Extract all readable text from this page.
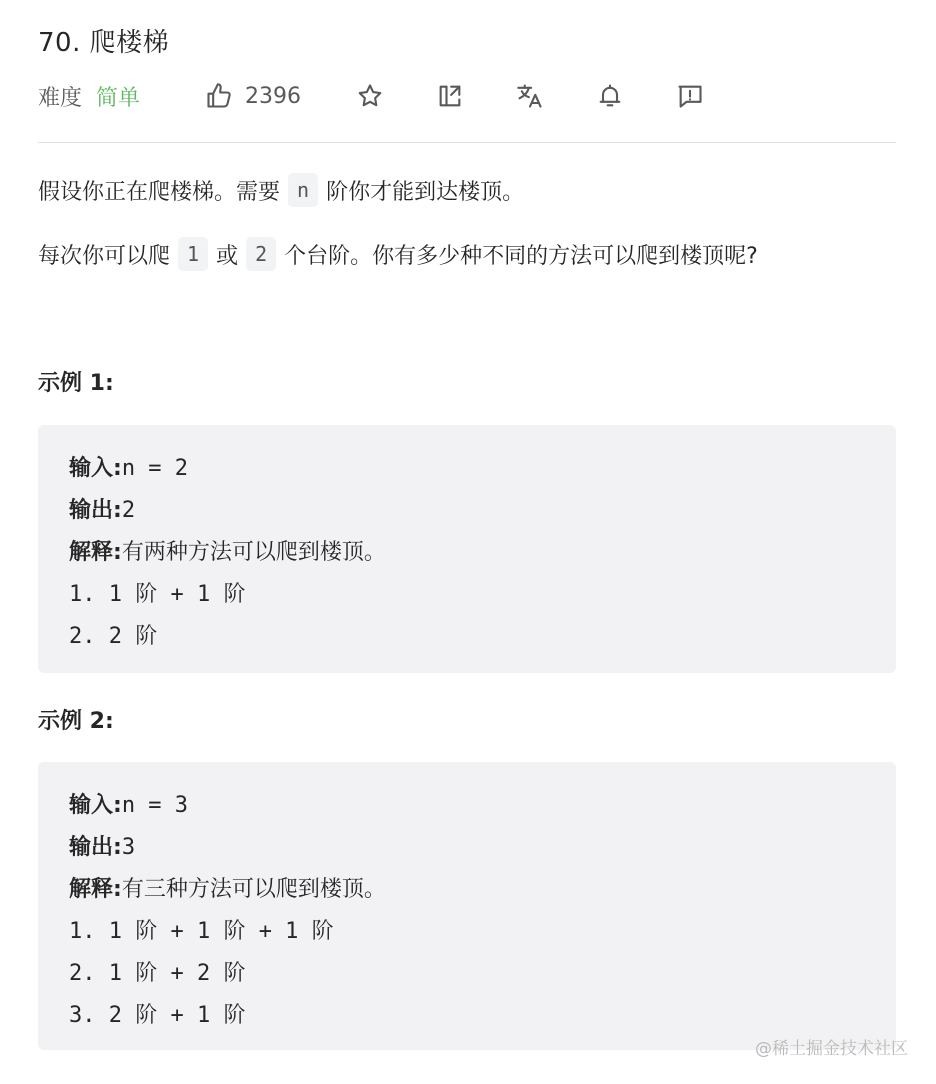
70. 爬楼梯
难度 简单	2396
假设你正在爬楼梯。需要 n 阶你才能到达楼顶。
每次你可以爬 1 或 2 个台阶。你有多少种不同的方法可以爬到楼顶呢?
示例 1:
输入:n = 2
输出:2
解释:有两种方法可以爬到楼顶。
1. 1 阶 + 1 阶
2. 2 阶
示例 2:
输入:n = 3
输出:3
解释:有三种方法可以爬到楼顶。
1. 1 阶 + 1 阶 + 1 阶
2. 1 阶 + 2 阶
3. 2 阶 + 1 阶
@稀土掘金技术社区
